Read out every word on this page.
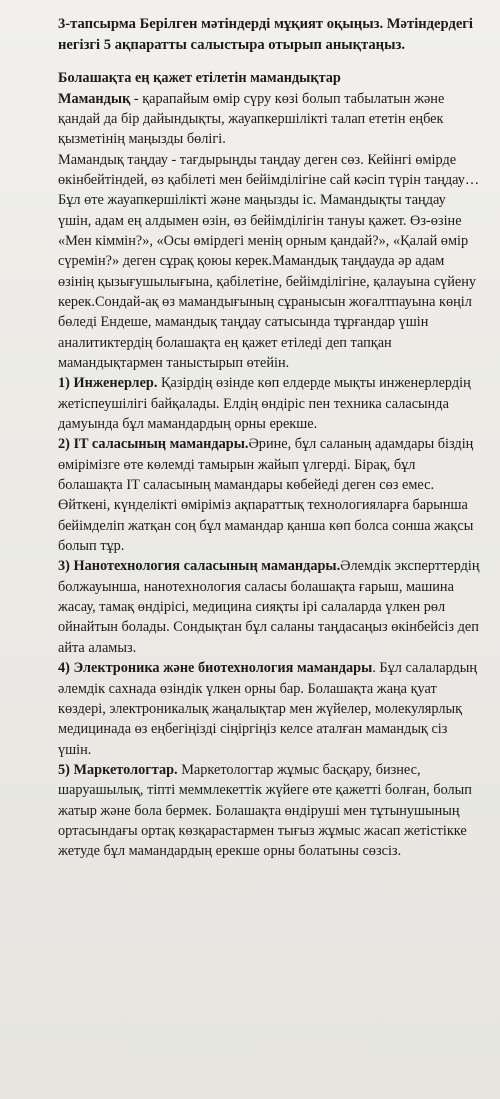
3-тапсырма Берілген мәтіндерді мұқият оқыңыз. Мәтіндердегі негізгі 5 ақпаратты салыстыра отырып анықтаңыз.

Болашақта ең қажет етілетін мамандықтар

Мамандық - қарапайым өмір сүру көзі болып табылатын және қандай да бір дайындықты, жауапкершілікті талап ететін еңбек қызметінің маңызды бөлігі.

Мамандық таңдау - тағдырыңды таңдау деген сөз. Кейінгі өмірде өкінбейтіндей, өз қабілеті мен бейімділігіне сай кәсіп түрін таңдау… Бұл өте жауапкершілікті және маңызды іс. Мамандықты таңдау үшін, адам ең алдымен өзін, өз бейімділігін тануы қажет. Өз-өзіне «Мен кіммін?», «Осы өмірдегі менің орным қандай?», «Қалай өмір сүремін?» деген сұрақ қоюы керек.Мамандық таңдауда әр адам өзінің қызығушылығына, қабілетіне, бейімділігіне, қалауына сүйену керек.Сондай-ақ өз мамандығының сұранысын жоғалтпауына көңіл бөледі Ендеше, мамандық таңдау сатысында тұрғандар үшін аналитиктердің болашақта ең қажет етіледі деп тапқан мамандықтармен таныстырып өтейін.

1) Инженерлер. Қазірдің өзінде көп елдерде мықты инженерлердің жетіспеушілігі байқалады. Елдің өндіріс пен техника саласында дамуында бұл мамандардың орны ерекше.

2) IT саласының мамандары.Әрине, бұл саланың адамдары біздің өмірімізге өте көлемді тамырын жайып үлгерді. Бірақ, бұл болашақта IT саласының мамандары көбейеді деген сөз емес. Өйткені, күнделікті өміріміз ақпараттық технологияларға барынша бейімделіп жатқан соң бұл мамандар қанша көп болса сонша жақсы болып тұр.

3) Нанотехнология саласының мамандары.Әлемдік эксперттердің болжауынша, нанотехнология саласы болашақта ғарыш, машина жасау, тамақ өндірісі, медицина сияқты ірі салаларда үлкен рөл ойнайтын болады. Сондықтан бұл саланы таңдасаңыз өкінбейсіз деп айта аламыз.

4) Электроника және биотехнология мамандары. Бұл салалардың әлемдік сахнада өзіндік үлкен орны бар. Болашақта жаңа қуат көздері, электроникалық жаңалықтар мен жүйелер, молекулярлық медицинада өз еңбегіңізді сіңіргіңіз келсе аталған мамандық сіз үшін.

5) Маркетологтар. Маркетологтар жұмыс басқару, бизнес, шаруашылық, тіпті меммлекеттік жүйеге өте қажетті болған, болып жатыр және бола бермек. Болашақта өндіруші мен тұтынушының ортасындағы ортақ көзқарастармен тығыз жұмыс жасап жетістікке жетуде бұл мамандардың ерекше орны болатыны сөзсіз.
